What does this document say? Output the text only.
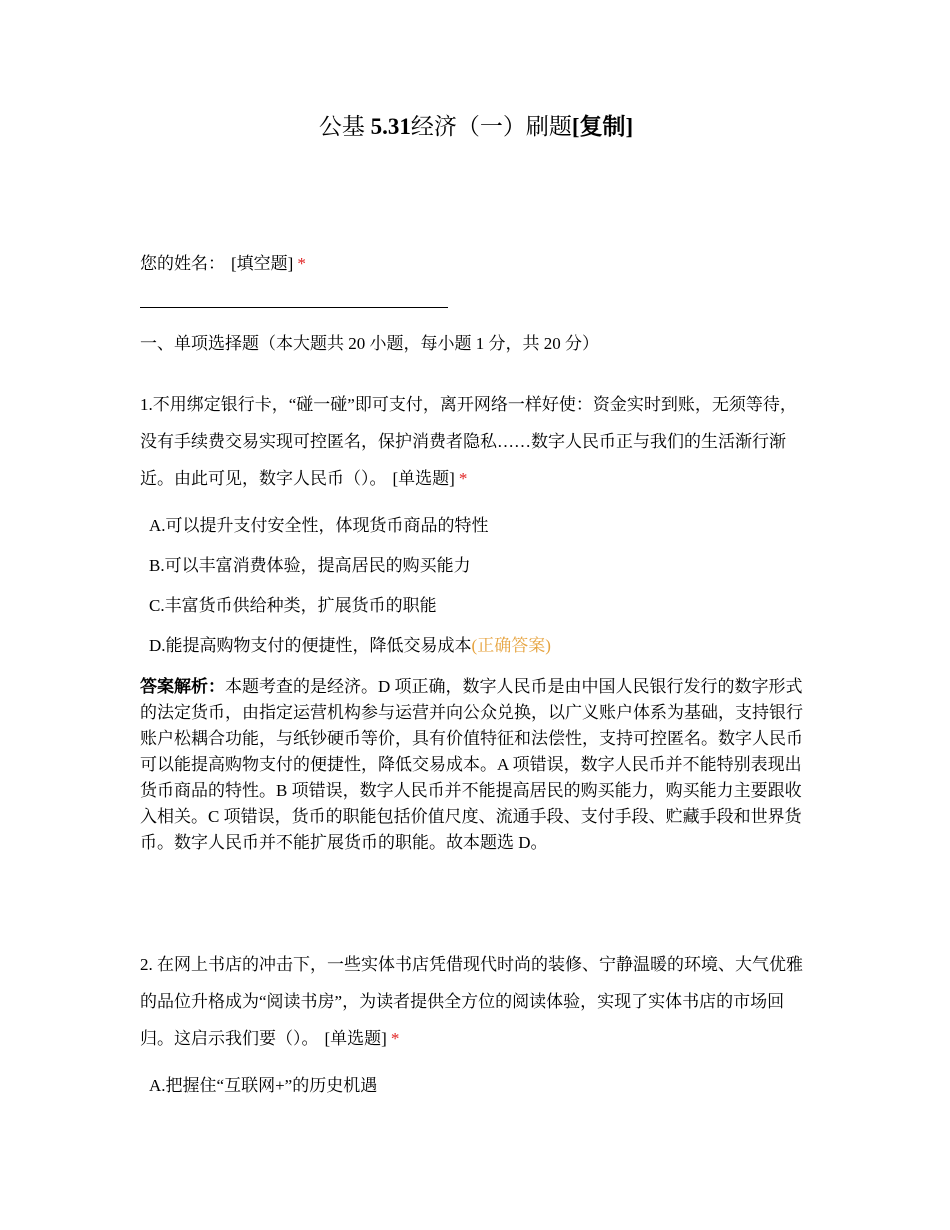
公基 5.31经济（一）刷题[复制]
您的姓名： [填空题] *
一、单项选择题（本大题共 20 小题，每小题 1 分，共 20 分）
1.不用绑定银行卡，“碰一碰”即可支付，离开网络一样好使：资金实时到账，无须等待，没有手续费交易实现可控匿名，保护消费者隐私……数字人民币正与我们的生活渐行渐近。由此可见，数字人民币（）。 [单选题] *
A.可以提升支付安全性，体现货币商品的特性
B.可以丰富消费体验，提高居民的购买能力
C.丰富货币供给种类，扩展货币的职能
D.能提高购物支付的便捷性，降低交易成本(正确答案)
答案解析：本题考查的是经济。D 项正确，数字人民币是由中国人民银行发行的数字形式的法定货币，由指定运营机构参与运营并向公众兑换，以广义账户体系为基础，支持银行账户松耦合功能，与纸钞硬币等价，具有价值特征和法偿性，支持可控匿名。数字人民币可以能提高购物支付的便捷性，降低交易成本。A 项错误，数字人民币并不能特别表现出货币商品的特性。B 项错误，数字人民币并不能提高居民的购买能力，购买能力主要跟收入相关。C 项错误，货币的职能包括价值尺度、流通手段、支付手段、贮藏手段和世界货币。数字人民币并不能扩展货币的职能。故本题选 D。
2. 在网上书店的冲击下，一些实体书店凭借现代时尚的装修、宁静温暖的环境、大气优雅的品位升格成为“阅读书房”，为读者提供全方位的阅读体验，实现了实体书店的市场回归。这启示我们要（）。 [单选题] *
A.把握住“互联网+”的历史机遇
